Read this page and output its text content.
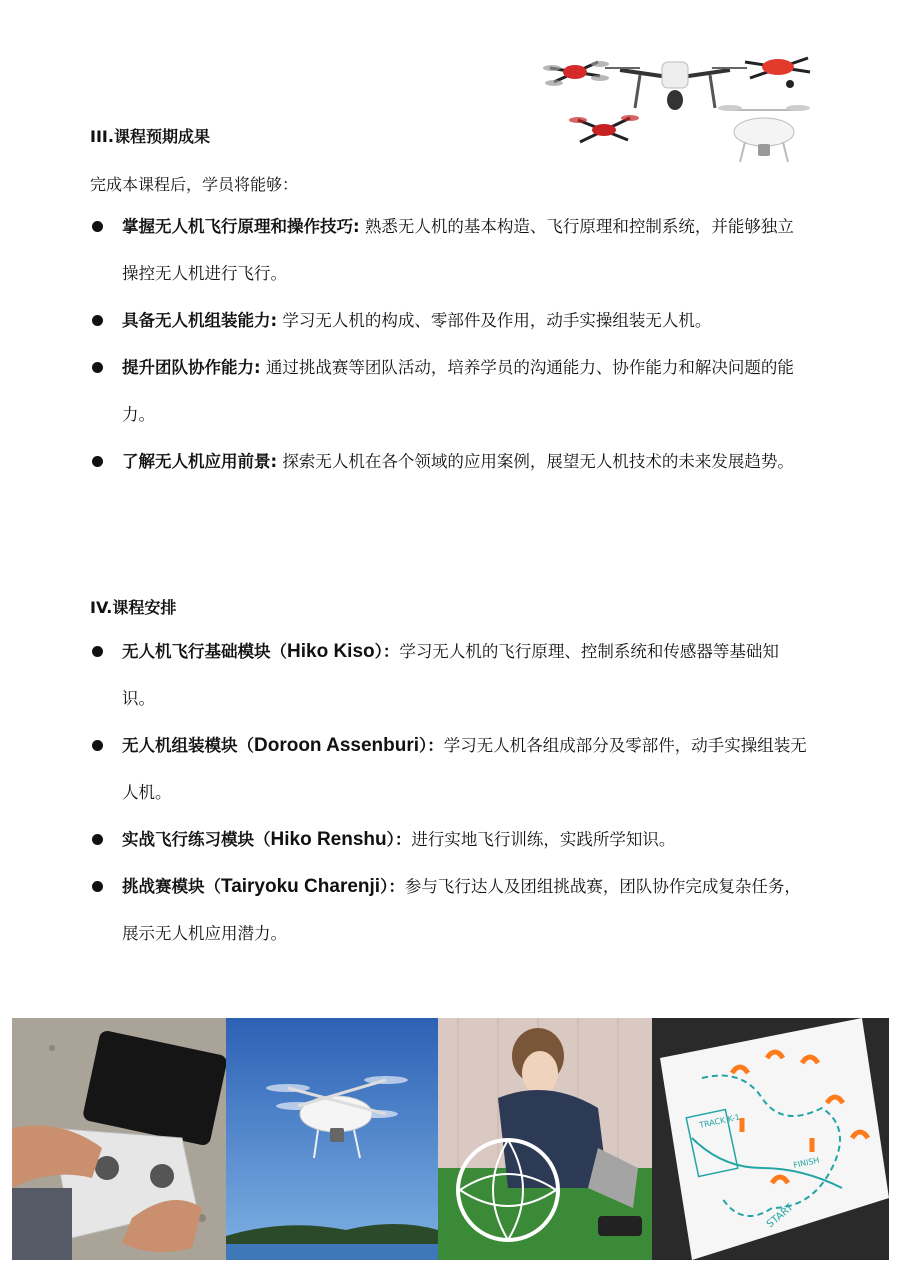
III.课程预期成果
完成本课程后，学员将能够：
掌握无人机飞行原理和操作技巧: 熟悉无人机的基本构造、飞行原理和控制系统，并能够独立操控无人机进行飞行。
具备无人机组装能力: 学习无人机的构成、零部件及作用，动手实操组装无人机。
提升团队协作能力: 通过挑战赛等团队活动，培养学员的沟通能力、协作能力和解决问题的能力。
了解无人机应用前景: 探索无人机在各个领域的应用案例，展望无人机技术的未来发展趋势。
IV.课程安排
无人机飞行基础模块（Hiko Kiso）：学习无人机的飞行原理、控制系统和传感器等基础知识。
无人机组装模块（Doroon Assenburi）：学习无人机各组成部分及零部件，动手实操组装无人机。
实战飞行练习模块（Hiko Renshu）：进行实地飞行训练，实践所学知识。
挑战赛模块（Tairyoku Charenji）：参与飞行达人及团组挑战赛，团队协作完成复杂任务，展示无人机应用潜力。
TRACK K-1
FINISH
START
